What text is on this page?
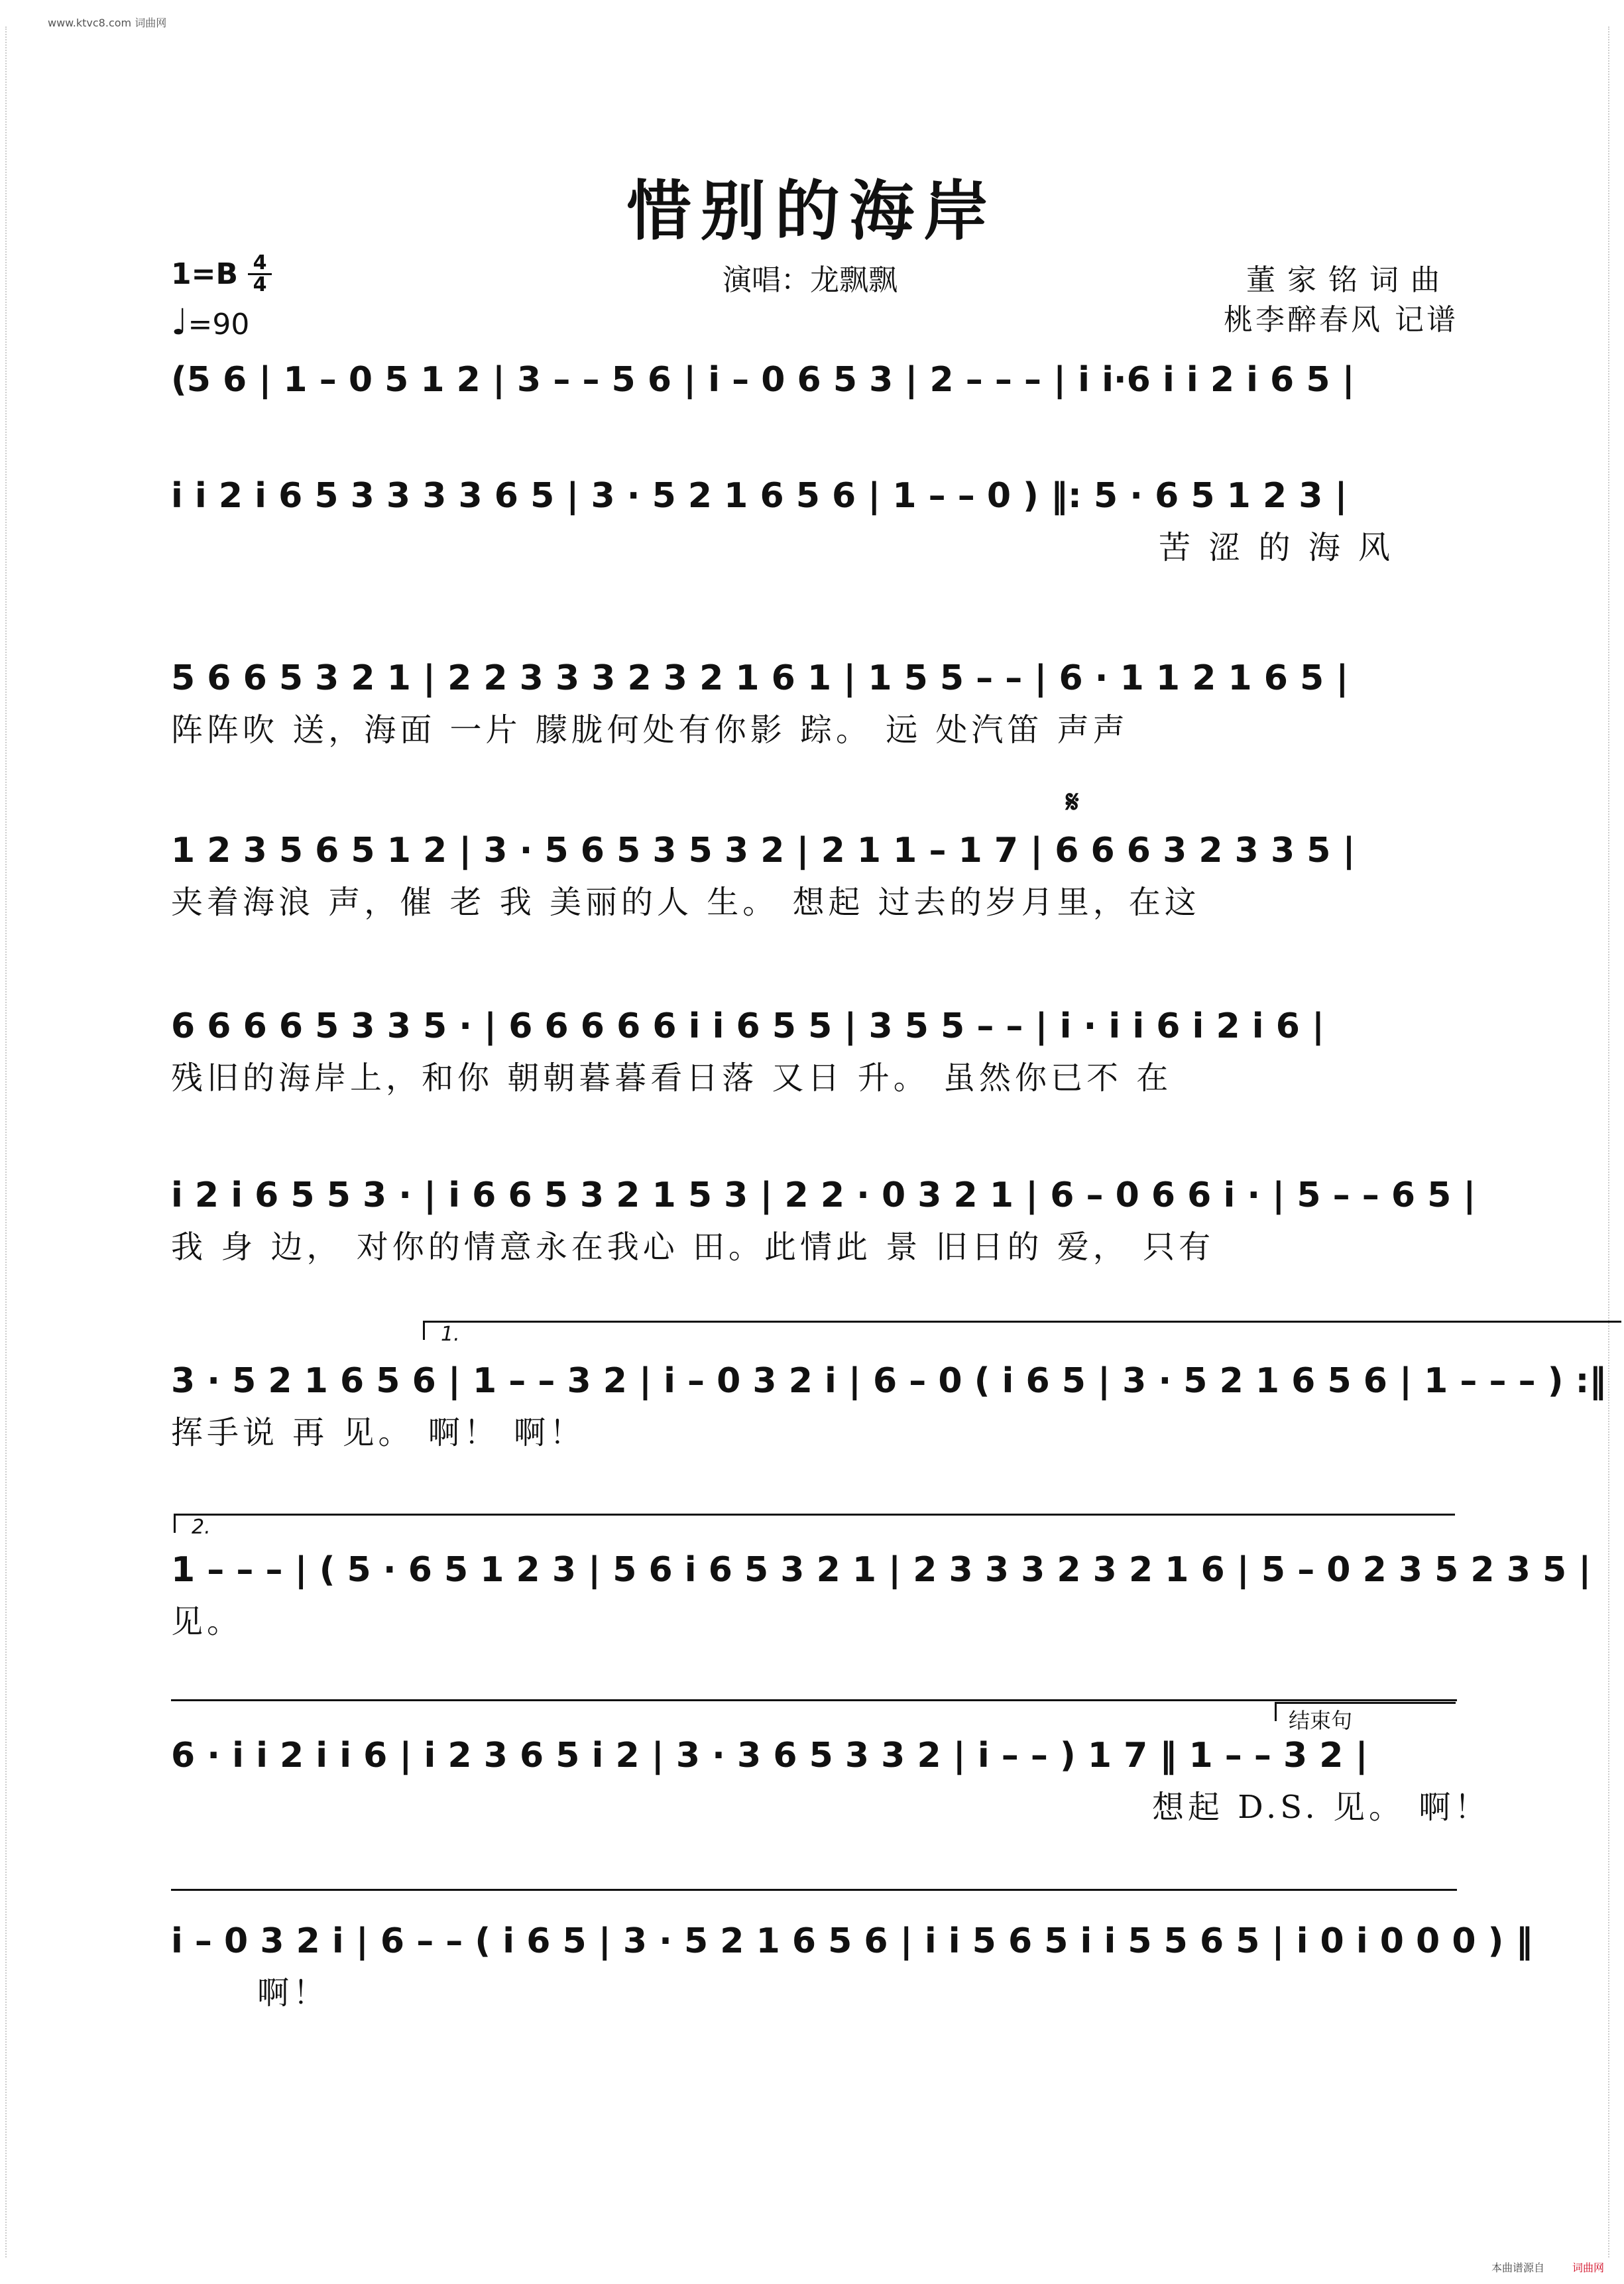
www.ktvc8.com 词曲网
惜别的海岸
1=B 4
4
♩=90
演唱：龙飘飘	董家铭词曲
桃李醉春风 记谱
(5 6 | 1 – 0 5 1 2 | 3 – – 5 6 | i – 0 6 5 3 | 2 – – – | i i·6 i i 2 i 6 5 |
i i 2 i 6 5 3 3 3 3 6 5 | 3 · 5 2 1 6 5 6 | 1 – – 0 ) ‖: 5 · 6 5 1 2 3 |
苦 涩 的 海 风
5 6 6 5 3 2 1 | 2 2 3 3 3 2 3 2 1 6 1 | 1 5 5 – – | 6 · 1 1 2 1 6 5 |
阵阵吹 送，海面 一片 朦胧何处有你影 踪。 远 处汽笛 声声
𝄋
1 2 3 5 6 5 1 2 | 3 · 5 6 5 3 5 3 2 | 2 1 1 – 1 7 | 6 6 6 3 2 3 3 5 |
夹着海浪 声，催 老 我 美丽的人 生。 想起 过去的岁月里，在这
6 6 6 6 5 3 3 5 · | 6 6 6 6 6 i i 6 5 5 | 3 5 5 – – | i · i i 6 i 2 i 6 |
残旧的海岸上，和你 朝朝暮暮看日落 又日 升。 虽然你已不 在
i 2 i 6 5 5 3 · | i 6 6 5 3 2 1 5 3 | 2 2 · 0 3 2 1 | 6 – 0 6 6 i · | 5 – – 6 5 |
我 身 边， 对你的情意永在我心 田。此情此 景 旧日的 爱， 只有
1.
3 · 5 2 1 6 5 6 | 1 – – 3 2 | i – 0 3 2 i | 6 – 0 ( i 6 5 | 3 · 5 2 1 6 5 6 | 1 – – – ) :‖
挥手说 再 见。 啊！ 啊！
2.
1 – – – | ( 5 · 6 5 1 2 3 | 5 6 i 6 5 3 2 1 | 2 3 3 3 2 3 2 1 6 | 5 – 0 2 3 5 2 3 5 |
见。
结束句
6 · i i 2 i i 6 | i 2 3 6 5 i 2 | 3 · 3 6 5 3 3 2 | i – – ) 1 7 ‖ 1 – – 3 2 |
想起 D.S. 见。 啊！
i – 0 3 2 i | 6 – – ( i 6 5 | 3 · 5 2 1 6 5 6 | i i 5 6 5 i i 5 5 6 5 | i 0 i 0 0 0 ) ‖
啊！
本曲谱源自	词曲网
